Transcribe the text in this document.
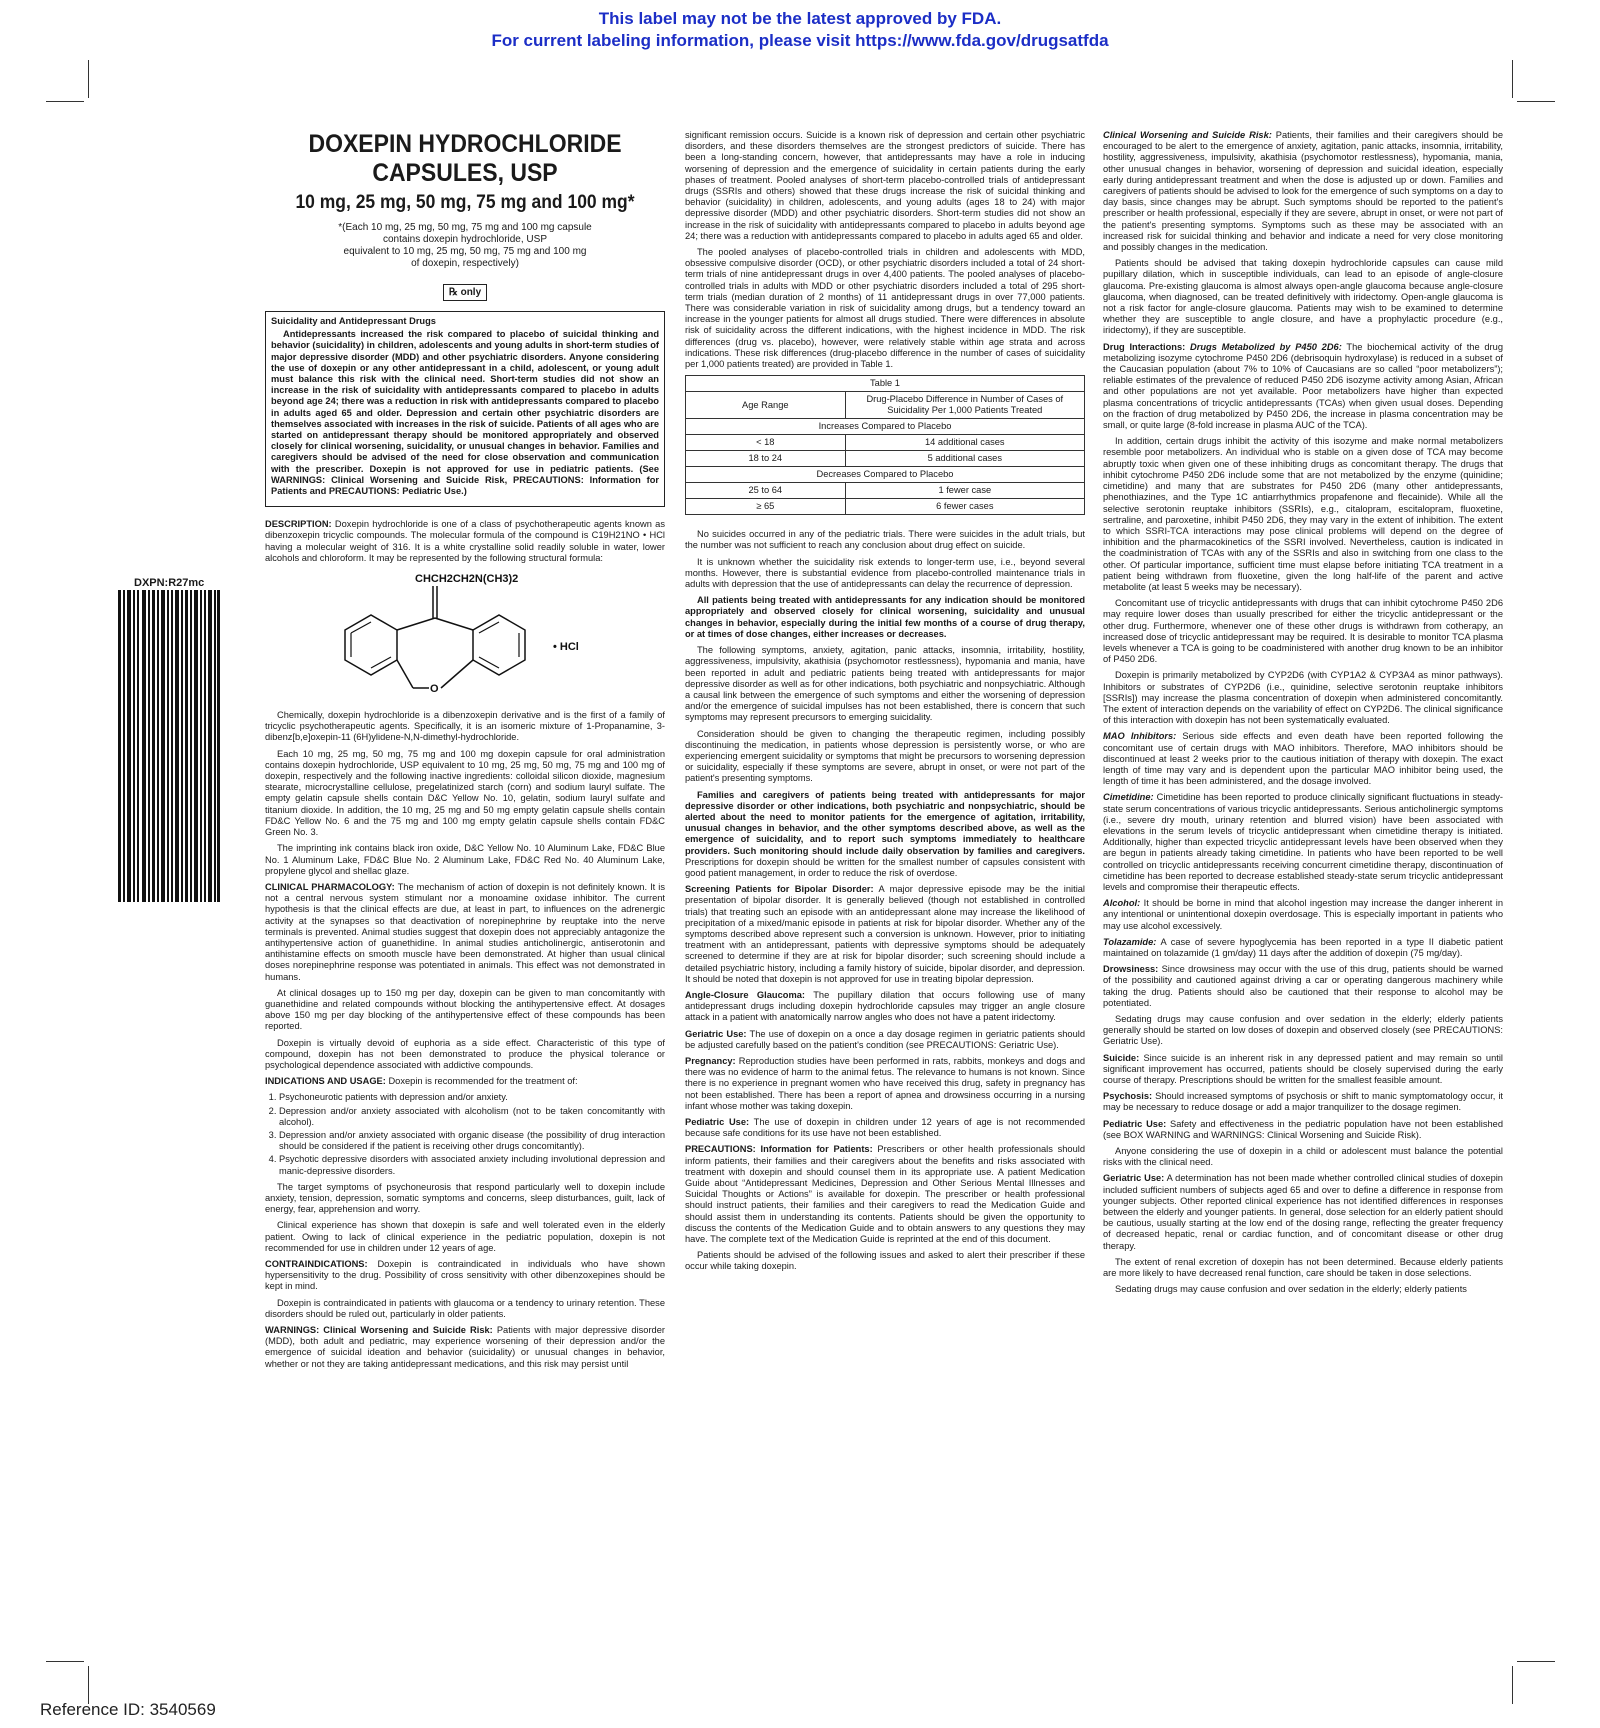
This label may not be the latest approved by FDA.
For current labeling information, please visit https://www.fda.gov/drugsatfda
DXPN:R27mc
DOXEPIN HYDROCHLORIDE
CAPSULES, USP
10 mg, 25 mg, 50 mg, 75 mg and 100 mg*
*(Each 10 mg, 25 mg, 50 mg, 75 mg and 100 mg capsule
contains doxepin hydrochloride, USP
equivalent to 10 mg, 25 mg, 50 mg, 75 mg and 100 mg
of doxepin, respectively)
℞ only
Suicidality and Antidepressant Drugs

Antidepressants increased the risk compared to placebo of suicidal thinking and behavior (suicidality) in children, adolescents and young adults in short-term studies of major depressive disorder (MDD) and other psychiatric disorders. Anyone considering the use of doxepin or any other antidepressant in a child, adolescent, or young adult must balance this risk with the clinical need. Short-term studies did not show an increase in the risk of suicidality with antidepressants compared to placebo in adults beyond age 24; there was a reduction in risk with antidepressants compared to placebo in adults aged 65 and older. Depression and certain other psychiatric disorders are themselves associated with increases in the risk of suicide. Patients of all ages who are started on antidepressant therapy should be monitored appropriately and observed closely for clinical worsening, suicidality, or unusual changes in behavior. Families and caregivers should be advised of the need for close observation and communication with the prescriber. Doxepin is not approved for use in pediatric patients. (See WARNINGS: Clinical Worsening and Suicide Risk, PRECAUTIONS: Information for Patients and PRECAUTIONS: Pediatric Use.)

DESCRIPTION: Doxepin hydrochloride is one of a class of psychotherapeutic agents known as dibenzoxepin tricyclic compounds. The molecular formula of the compound is C19H21NO • HCl having a molecular weight of 316. It is a white crystalline solid readily soluble in water, lower alcohols and chloroform. It may be represented by the following structural formula:

CHCH2CH2N(CH3)2
O
• HCl

Chemically, doxepin hydrochloride is a dibenzoxepin derivative and is the first of a family of tricyclic psychotherapeutic agents. Specifically, it is an isomeric mixture of 1-Propanamine, 3-dibenz[b,e]oxepin-11 (6H)ylidene-N,N-dimethyl-hydrochloride.

Each 10 mg, 25 mg, 50 mg, 75 mg and 100 mg doxepin capsule for oral administration contains doxepin hydrochloride, USP equivalent to 10 mg, 25 mg, 50 mg, 75 mg and 100 mg of doxepin, respectively and the following inactive ingredients: colloidal silicon dioxide, magnesium stearate, microcrystalline cellulose, pregelatinized starch (corn) and sodium lauryl sulfate. The empty gelatin capsule shells contain D&C Yellow No. 10, gelatin, sodium lauryl sulfate and titanium dioxide. In addition, the 10 mg, 25 mg and 50 mg empty gelatin capsule shells contain FD&C Yellow No. 6 and the 75 mg and 100 mg empty gelatin capsule shells contain FD&C Green No. 3.

The imprinting ink contains black iron oxide, D&C Yellow No. 10 Aluminum Lake, FD&C Blue No. 1 Aluminum Lake, FD&C Blue No. 2 Aluminum Lake, FD&C Red No. 40 Aluminum Lake, propylene glycol and shellac glaze.

CLINICAL PHARMACOLOGY: The mechanism of action of doxepin is not definitely known. It is not a central nervous system stimulant nor a monoamine oxidase inhibitor. The current hypothesis is that the clinical effects are due, at least in part, to influences on the adrenergic activity at the synapses so that deactivation of norepinephrine by reuptake into the nerve terminals is prevented. Animal studies suggest that doxepin does not appreciably antagonize the antihypertensive action of guanethidine. In animal studies anticholinergic, antiserotonin and antihistamine effects on smooth muscle have been demonstrated. At higher than usual clinical doses norepinephrine response was potentiated in animals. This effect was not demonstrated in humans.

At clinical dosages up to 150 mg per day, doxepin can be given to man concomitantly with guanethidine and related compounds without blocking the antihypertensive effect. At dosages above 150 mg per day blocking of the antihypertensive effect of these compounds has been reported.

Doxepin is virtually devoid of euphoria as a side effect. Characteristic of this type of compound, doxepin has not been demonstrated to produce the physical tolerance or psychological dependence associated with addictive compounds.

INDICATIONS AND USAGE: Doxepin is recommended for the treatment of:

1. Psychoneurotic patients with depression and/or anxiety.
2. Depression and/or anxiety associated with alcoholism (not to be taken concomitantly with alcohol).
3. Depression and/or anxiety associated with organic disease (the possibility of drug interaction should be considered if the patient is receiving other drugs concomitantly).
4. Psychotic depressive disorders with associated anxiety including involutional depression and manic-depressive disorders.

The target symptoms of psychoneurosis that respond particularly well to doxepin include anxiety, tension, depression, somatic symptoms and concerns, sleep disturbances, guilt, lack of energy, fear, apprehension and worry.

Clinical experience has shown that doxepin is safe and well tolerated even in the elderly patient. Owing to lack of clinical experience in the pediatric population, doxepin is not recommended for use in children under 12 years of age.

CONTRAINDICATIONS: Doxepin is contraindicated in individuals who have shown hypersensitivity to the drug. Possibility of cross sensitivity with other dibenzoxepines should be kept in mind.

Doxepin is contraindicated in patients with glaucoma or a tendency to urinary retention. These disorders should be ruled out, particularly in older patients.

WARNINGS: Clinical Worsening and Suicide Risk: Patients with major depressive disorder (MDD), both adult and pediatric, may experience worsening of their depression and/or the emergence of suicidal ideation and behavior (suicidality) or unusual changes in behavior, whether or not they are taking antidepressant medications, and this risk may persist until

significant remission occurs. Suicide is a known risk of depression and certain other psychiatric disorders, and these disorders themselves are the strongest predictors of suicide. There has been a long-standing concern, however, that antidepressants may have a role in inducing worsening of depression and the emergence of suicidality in certain patients during the early phases of treatment. Pooled analyses of short-term placebo-controlled trials of antidepressant drugs (SSRIs and others) showed that these drugs increase the risk of suicidal thinking and behavior (suicidality) in children, adolescents, and young adults (ages 18 to 24) with major depressive disorder (MDD) and other psychiatric disorders. Short-term studies did not show an increase in the risk of suicidality with antidepressants compared to placebo in adults beyond age 24; there was a reduction with antidepressants compared to placebo in adults aged 65 and older.

The pooled analyses of placebo-controlled trials in children and adolescents with MDD, obsessive compulsive disorder (OCD), or other psychiatric disorders included a total of 24 short-term trials of nine antidepressant drugs in over 4,400 patients. The pooled analyses of placebo-controlled trials in adults with MDD or other psychiatric disorders included a total of 295 short-term trials (median duration of 2 months) of 11 antidepressant drugs in over 77,000 patients. There was considerable variation in risk of suicidality among drugs, but a tendency toward an increase in the younger patients for almost all drugs studied. There were differences in absolute risk of suicidality across the different indications, with the highest incidence in MDD. The risk differences (drug vs. placebo), however, were relatively stable within age strata and across indications. These risk differences (drug-placebo difference in the number of cases of suicidality per 1,000 patients treated) are provided in Table 1.

Table 1	
Age Range	Drug-Placebo Difference in Number of Cases of Suicidality Per 1,000 Patients Treated
Increases Compared to Placebo	
< 18	14 additional cases
18 to 24	5 additional cases
Decreases Compared to Placebo	
25 to 64	1 fewer case
≥ 65	6 fewer cases

No suicides occurred in any of the pediatric trials. There were suicides in the adult trials, but the number was not sufficient to reach any conclusion about drug effect on suicide.

It is unknown whether the suicidality risk extends to longer-term use, i.e., beyond several months. However, there is substantial evidence from placebo-controlled maintenance trials in adults with depression that the use of antidepressants can delay the recurrence of depression.

All patients being treated with antidepressants for any indication should be monitored appropriately and observed closely for clinical worsening, suicidality and unusual changes in behavior, especially during the initial few months of a course of drug therapy, or at times of dose changes, either increases or decreases.

The following symptoms, anxiety, agitation, panic attacks, insomnia, irritability, hostility, aggressiveness, impulsivity, akathisia (psychomotor restlessness), hypomania and mania, have been reported in adult and pediatric patients being treated with antidepressants for major depressive disorder as well as for other indications, both psychiatric and nonpsychiatric. Although a causal link between the emergence of such symptoms and either the worsening of depression and/or the emergence of suicidal impulses has not been established, there is concern that such symptoms may represent precursors to emerging suicidality.

Consideration should be given to changing the therapeutic regimen, including possibly discontinuing the medication, in patients whose depression is persistently worse, or who are experiencing emergent suicidality or symptoms that might be precursors to worsening depression or suicidality, especially if these symptoms are severe, abrupt in onset, or were not part of the patient's presenting symptoms.

Families and caregivers of patients being treated with antidepressants for major depressive disorder or other indications, both psychiatric and nonpsychiatric, should be alerted about the need to monitor patients for the emergence of agitation, irritability, unusual changes in behavior, and the other symptoms described above, as well as the emergence of suicidality, and to report such symptoms immediately to healthcare providers. Such monitoring should include daily observation by families and caregivers. Prescriptions for doxepin should be written for the smallest number of capsules consistent with good patient management, in order to reduce the risk of overdose.

Screening Patients for Bipolar Disorder: A major depressive episode may be the initial presentation of bipolar disorder. It is generally believed (though not established in controlled trials) that treating such an episode with an antidepressant alone may increase the likelihood of precipitation of a mixed/manic episode in patients at risk for bipolar disorder. Whether any of the symptoms described above represent such a conversion is unknown. However, prior to initiating treatment with an antidepressant, patients with depressive symptoms should be adequately screened to determine if they are at risk for bipolar disorder; such screening should include a detailed psychiatric history, including a family history of suicide, bipolar disorder, and depression. It should be noted that doxepin is not approved for use in treating bipolar depression.

Angle-Closure Glaucoma: The pupillary dilation that occurs following use of many antidepressant drugs including doxepin hydrochloride capsules may trigger an angle closure attack in a patient with anatomically narrow angles who does not have a patent iridectomy.

Geriatric Use: The use of doxepin on a once a day dosage regimen in geriatric patients should be adjusted carefully based on the patient's condition (see PRECAUTIONS: Geriatric Use).

Pregnancy: Reproduction studies have been performed in rats, rabbits, monkeys and dogs and there was no evidence of harm to the animal fetus. The relevance to humans is not known. Since there is no experience in pregnant women who have received this drug, safety in pregnancy has not been established. There has been a report of apnea and drowsiness occurring in a nursing infant whose mother was taking doxepin.

Pediatric Use: The use of doxepin in children under 12 years of age is not recommended because safe conditions for its use have not been established.

PRECAUTIONS: Information for Patients: Prescribers or other health professionals should inform patients, their families and their caregivers about the benefits and risks associated with treatment with doxepin and should counsel them in its appropriate use. A patient Medication Guide about “Antidepressant Medicines, Depression and Other Serious Mental Illnesses and Suicidal Thoughts or Actions” is available for doxepin. The prescriber or health professional should instruct patients, their families and their caregivers to read the Medication Guide and should assist them in understanding its contents. Patients should be given the opportunity to discuss the contents of the Medication Guide and to obtain answers to any questions they may have. The complete text of the Medication Guide is reprinted at the end of this document.

Patients should be advised of the following issues and asked to alert their prescriber if these occur while taking doxepin.

Clinical Worsening and Suicide Risk: Patients, their families and their caregivers should be encouraged to be alert to the emergence of anxiety, agitation, panic attacks, insomnia, irritability, hostility, aggressiveness, impulsivity, akathisia (psychomotor restlessness), hypomania, mania, other unusual changes in behavior, worsening of depression and suicidal ideation, especially early during antidepressant treatment and when the dose is adjusted up or down. Families and caregivers of patients should be advised to look for the emergence of such symptoms on a day to day basis, since changes may be abrupt. Such symptoms should be reported to the patient's prescriber or health professional, especially if they are severe, abrupt in onset, or were not part of the patient's presenting symptoms. Symptoms such as these may be associated with an increased risk for suicidal thinking and behavior and indicate a need for very close monitoring and possibly changes in the medication.

Patients should be advised that taking doxepin hydrochloride capsules can cause mild pupillary dilation, which in susceptible individuals, can lead to an episode of angle-closure glaucoma. Pre-existing glaucoma is almost always open-angle glaucoma because angle-closure glaucoma, when diagnosed, can be treated definitively with iridectomy. Open-angle glaucoma is not a risk factor for angle-closure glaucoma. Patients may wish to be examined to determine whether they are susceptible to angle closure, and have a prophylactic procedure (e.g., iridectomy), if they are susceptible.

Drug Interactions: Drugs Metabolized by P450 2D6: The biochemical activity of the drug metabolizing isozyme cytochrome P450 2D6 (debrisoquin hydroxylase) is reduced in a subset of the Caucasian population (about 7% to 10% of Caucasians are so called “poor metabolizers”); reliable estimates of the prevalence of reduced P450 2D6 isozyme activity among Asian, African and other populations are not yet available. Poor metabolizers have higher than expected plasma concentrations of tricyclic antidepressants (TCAs) when given usual doses. Depending on the fraction of drug metabolized by P450 2D6, the increase in plasma concentration may be small, or quite large (8-fold increase in plasma AUC of the TCA).

In addition, certain drugs inhibit the activity of this isozyme and make normal metabolizers resemble poor metabolizers. An individual who is stable on a given dose of TCA may become abruptly toxic when given one of these inhibiting drugs as concomitant therapy. The drugs that inhibit cytochrome P450 2D6 include some that are not metabolized by the enzyme (quinidine; cimetidine) and many that are substrates for P450 2D6 (many other antidepressants, phenothiazines, and the Type 1C antiarrhythmics propafenone and flecainide). While all the selective serotonin reuptake inhibitors (SSRIs), e.g., citalopram, escitalopram, fluoxetine, sertraline, and paroxetine, inhibit P450 2D6, they may vary in the extent of inhibition. The extent to which SSRI-TCA interactions may pose clinical problems will depend on the degree of inhibition and the pharmacokinetics of the SSRI involved. Nevertheless, caution is indicated in the coadministration of TCAs with any of the SSRIs and also in switching from one class to the other. Of particular importance, sufficient time must elapse before initiating TCA treatment in a patient being withdrawn from fluoxetine, given the long half-life of the parent and active metabolite (at least 5 weeks may be necessary).

Concomitant use of tricyclic antidepressants with drugs that can inhibit cytochrome P450 2D6 may require lower doses than usually prescribed for either the tricyclic antidepressant or the other drug. Furthermore, whenever one of these other drugs is withdrawn from cotherapy, an increased dose of tricyclic antidepressant may be required. It is desirable to monitor TCA plasma levels whenever a TCA is going to be coadministered with another drug known to be an inhibitor of P450 2D6.

Doxepin is primarily metabolized by CYP2D6 (with CYP1A2 & CYP3A4 as minor pathways). Inhibitors or substrates of CYP2D6 (i.e., quinidine, selective serotonin reuptake inhibitors [SSRIs]) may increase the plasma concentration of doxepin when administered concomitantly. The extent of interaction depends on the variability of effect on CYP2D6. The clinical significance of this interaction with doxepin has not been systematically evaluated.

MAO Inhibitors: Serious side effects and even death have been reported following the concomitant use of certain drugs with MAO inhibitors. Therefore, MAO inhibitors should be discontinued at least 2 weeks prior to the cautious initiation of therapy with doxepin. The exact length of time may vary and is dependent upon the particular MAO inhibitor being used, the length of time it has been administered, and the dosage involved.

Cimetidine: Cimetidine has been reported to produce clinically significant fluctuations in steady-state serum concentrations of various tricyclic antidepressants. Serious anticholinergic symptoms (i.e., severe dry mouth, urinary retention and blurred vision) have been associated with elevations in the serum levels of tricyclic antidepressant when cimetidine therapy is initiated. Additionally, higher than expected tricyclic antidepressant levels have been observed when they are begun in patients already taking cimetidine. In patients who have been reported to be well controlled on tricyclic antidepressants receiving concurrent cimetidine therapy, discontinuation of cimetidine has been reported to decrease established steady-state serum tricyclic antidepressant levels and compromise their therapeutic effects.

Alcohol: It should be borne in mind that alcohol ingestion may increase the danger inherent in any intentional or unintentional doxepin overdosage. This is especially important in patients who may use alcohol excessively.

Tolazamide: A case of severe hypoglycemia has been reported in a type II diabetic patient maintained on tolazamide (1 gm/day) 11 days after the addition of doxepin (75 mg/day).

Drowsiness: Since drowsiness may occur with the use of this drug, patients should be warned of the possibility and cautioned against driving a car or operating dangerous machinery while taking the drug. Patients should also be cautioned that their response to alcohol may be potentiated.

Sedating drugs may cause confusion and over sedation in the elderly; elderly patients generally should be started on low doses of doxepin and observed closely (see PRECAUTIONS: Geriatric Use).

Suicide: Since suicide is an inherent risk in any depressed patient and may remain so until significant improvement has occurred, patients should be closely supervised during the early course of therapy. Prescriptions should be written for the smallest feasible amount.

Psychosis: Should increased symptoms of psychosis or shift to manic symptomatology occur, it may be necessary to reduce dosage or add a major tranquilizer to the dosage regimen.

Pediatric Use: Safety and effectiveness in the pediatric population have not been established (see BOX WARNING and WARNINGS: Clinical Worsening and Suicide Risk).

Anyone considering the use of doxepin in a child or adolescent must balance the potential risks with the clinical need.

Geriatric Use: A determination has not been made whether controlled clinical studies of doxepin included sufficient numbers of subjects aged 65 and over to define a difference in response from younger subjects. Other reported clinical experience has not identified differences in responses between the elderly and younger patients. In general, dose selection for an elderly patient should be cautious, usually starting at the low end of the dosing range, reflecting the greater frequency of decreased hepatic, renal or cardiac function, and of concomitant disease or other drug therapy.

The extent of renal excretion of doxepin has not been determined. Because elderly patients are more likely to have decreased renal function, care should be taken in dose selections.

Sedating drugs may cause confusion and over sedation in the elderly; elderly patients

Reference ID: 3540569
